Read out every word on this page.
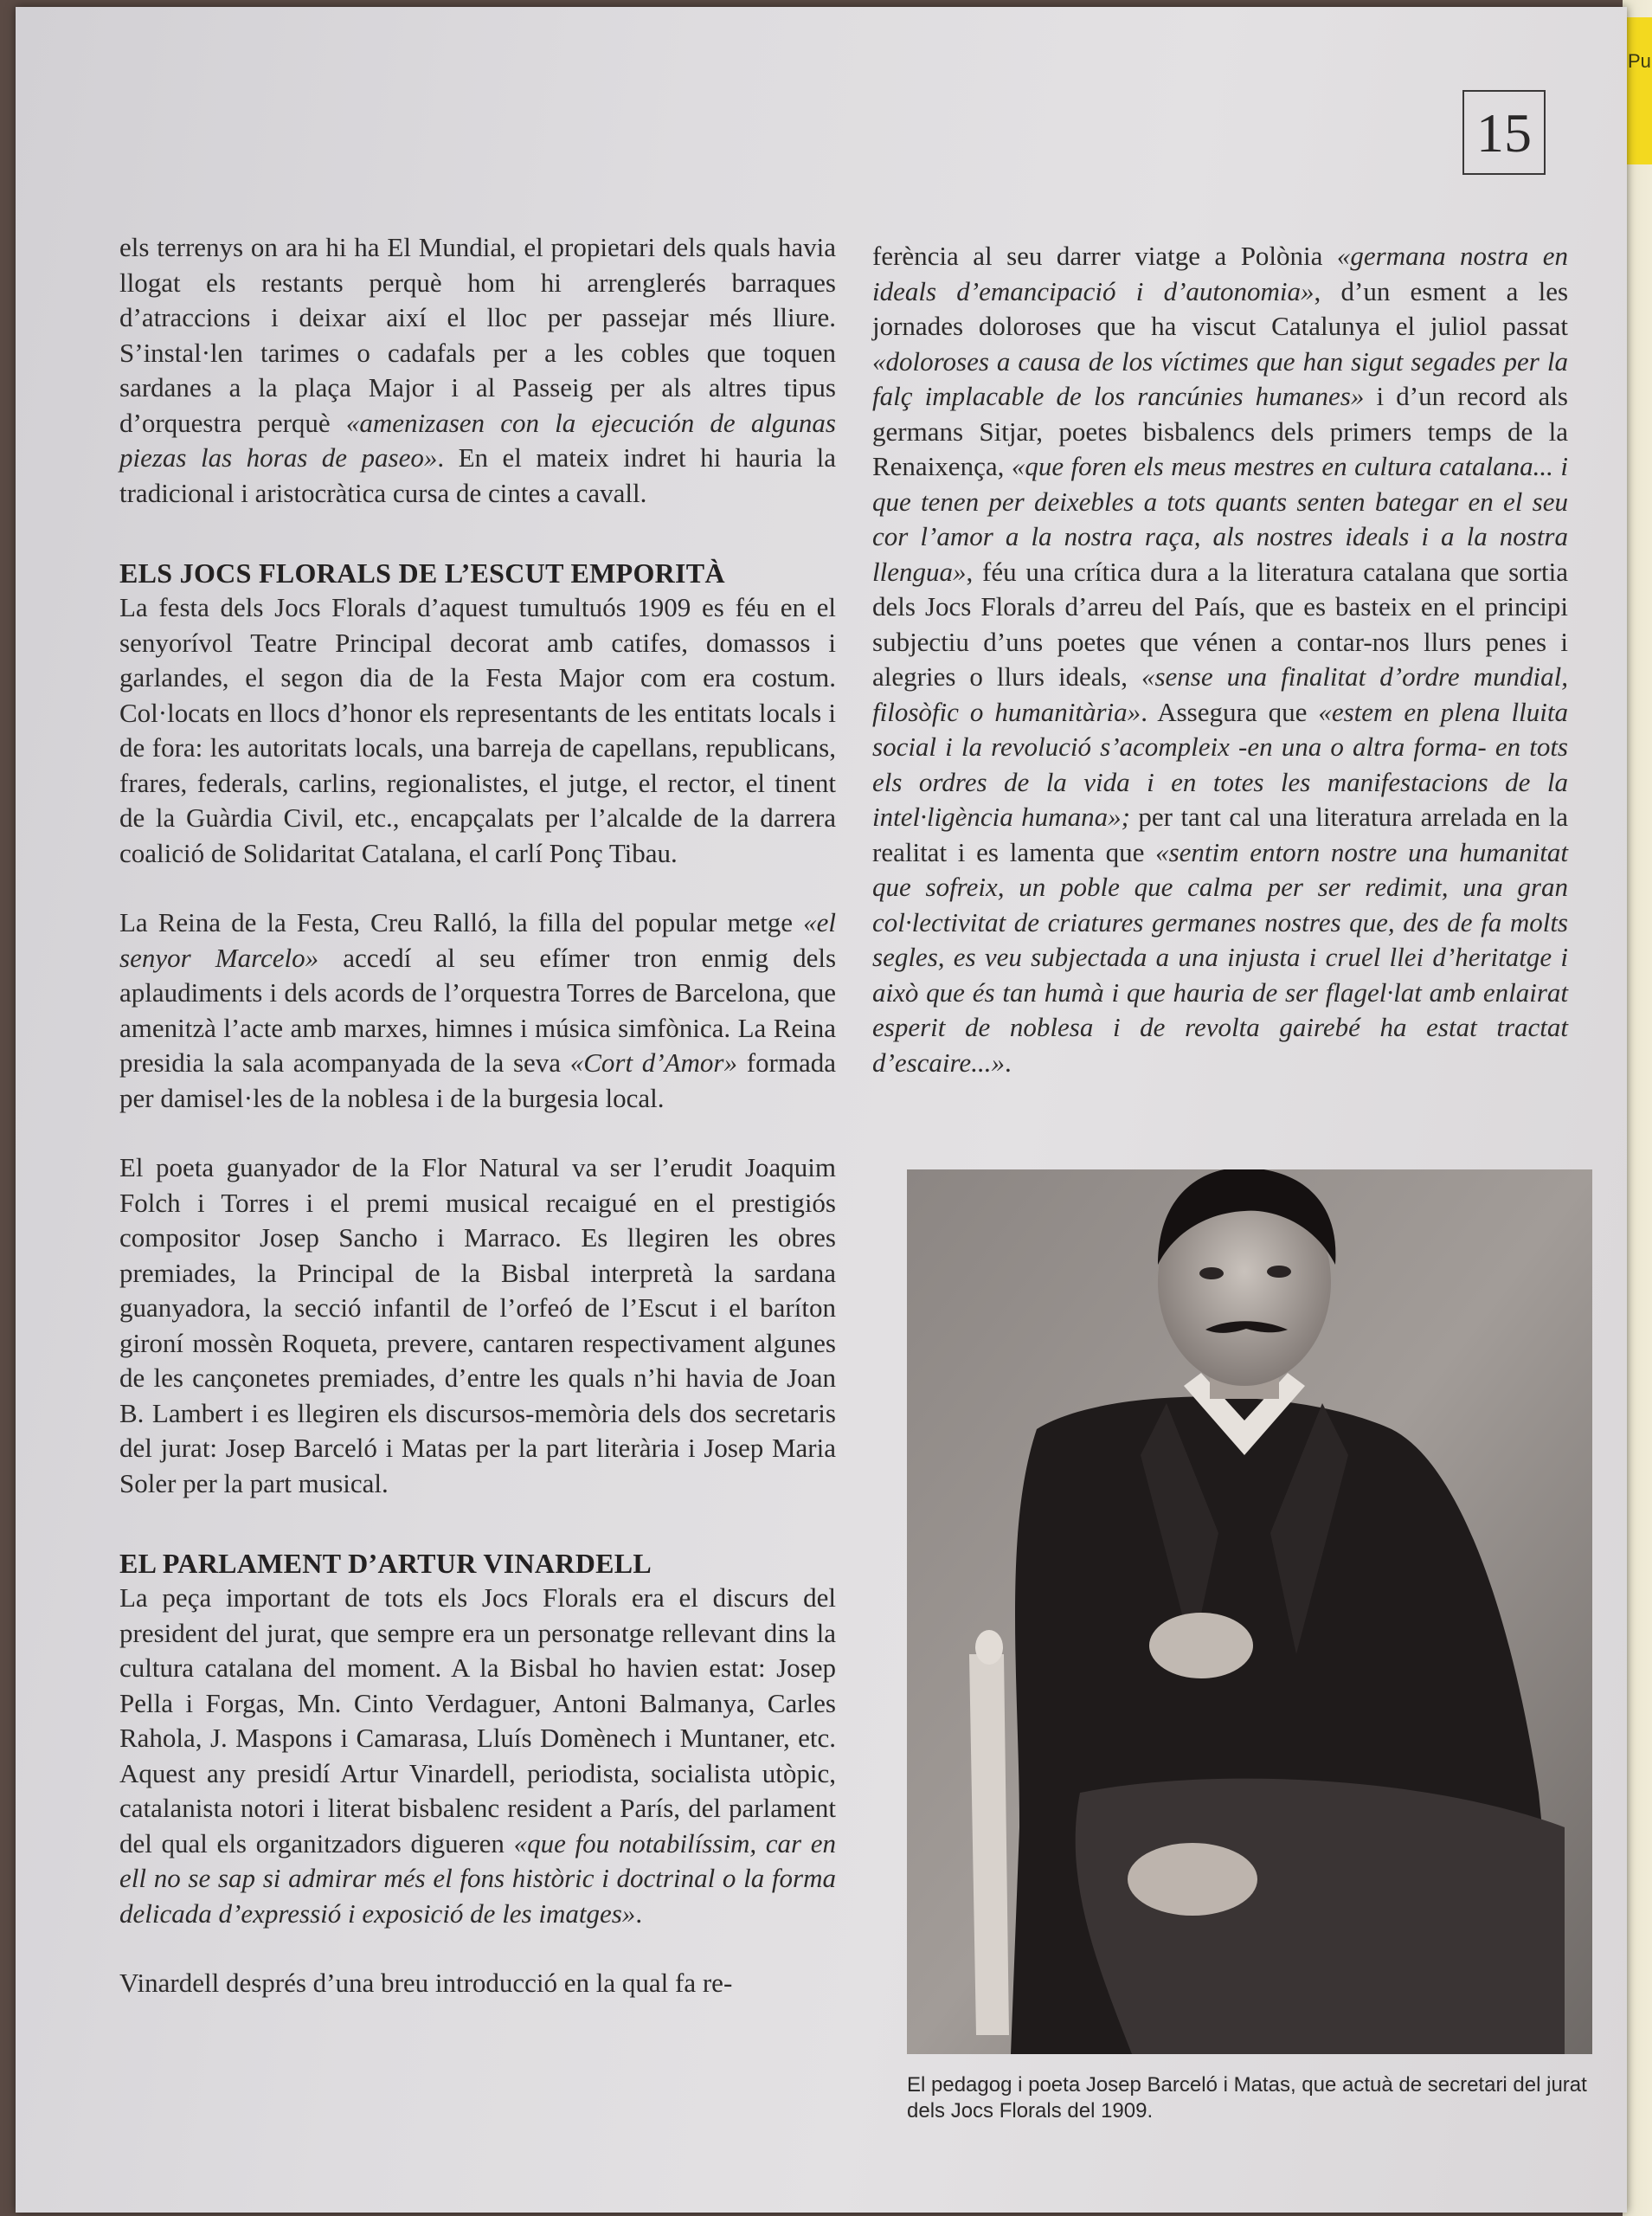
Pu
15

els terrenys on ara hi ha El Mundial, el propietari dels quals havia llogat els restants perquè hom hi arrenglerés barraques d’atraccions i deixar així el lloc per passejar més lliure. S’instal·len tarimes o cadafals per a les cobles que toquen sardanes a la plaça Major i al Passeig per als altres tipus d’orquestra perquè «amenizasen con la ejecución de algunas piezas las horas de paseo». En el mateix indret hi hauria la tradicional i aristocràtica cursa de cintes a cavall.

ELS JOCS FLORALS DE L’ESCUT EMPORITÀ

La festa dels Jocs Florals d’aquest tumultuós 1909 es féu en el senyorívol Teatre Principal decorat amb catifes, domassos i garlandes, el segon dia de la Festa Major com era costum. Col·locats en llocs d’honor els representants de les entitats locals i de fora: les autoritats locals, una barreja de capellans, republicans, frares, federals, carlins, regionalistes, el jutge, el rector, el tinent de la Guàrdia Civil, etc., encapçalats per l’alcalde de la darrera coalició de Solidaritat Catalana, el carlí Ponç Tibau.

La Reina de la Festa, Creu Ralló, la filla del popular metge «el senyor Marcelo» accedí al seu efímer tron enmig dels aplaudiments i dels acords de l’orquestra Torres de Barcelona, que amenitzà l’acte amb marxes, himnes i música simfònica. La Reina presidia la sala acompanyada de la seva «Cort d’Amor» formada per damisel·les de la noblesa i de la burgesia local.

El poeta guanyador de la Flor Natural va ser l’erudit Joaquim Folch i Torres i el premi musical recaigué en el prestigiós compositor Josep Sancho i Marraco. Es llegiren les obres premiades, la Principal de la Bisbal interpretà la sardana guanyadora, la secció infantil de l’orfeó de l’Escut i el baríton gironí mossèn Roqueta, prevere, cantaren respectivament algunes de les cançonetes premiades, d’entre les quals n’hi havia de Joan B. Lambert i es llegiren els discursos-memòria dels dos secretaris del jurat: Josep Barceló i Matas per la part literària i Josep Maria Soler per la part musical.

EL PARLAMENT D’ARTUR VINARDELL

La peça important de tots els Jocs Florals era el discurs del president del jurat, que sempre era un personatge rellevant dins la cultura catalana del moment. A la Bisbal ho havien estat: Josep Pella i Forgas, Mn. Cinto Verdaguer, Antoni Balmanya, Carles Rahola, J. Maspons i Camarasa, Lluís Domènech i Muntaner, etc. Aquest any presidí Artur Vinardell, periodista, socialista utòpic, catalanista notori i literat bisbalenc resident a París, del parlament del qual els organitzadors digueren «que fou notabilíssim, car en ell no se sap si admirar més el fons històric i doctrinal o la forma delicada d’expressió i exposició de les imatges».

Vinardell després d’una breu introducció en la qual fa re-

ferència al seu darrer viatge a Polònia «germana nostra en ideals d’emancipació i d’autonomia», d’un esment a les jornades doloroses que ha viscut Catalunya el juliol passat «doloroses a causa de los víctimes que han sigut segades per la falç implacable de los rancúnies humanes» i d’un record als germans Sitjar, poetes bisbalencs dels primers temps de la Renaixença, «que foren els meus mestres en cultura catalana... i que tenen per deixebles a tots quants senten bategar en el seu cor l’amor a la nostra raça, als nostres ideals i a la nostra llengua», féu una crítica dura a la literatura catalana que sortia dels Jocs Florals d’arreu del País, que es basteix en el principi subjectiu d’uns poetes que vénen a contar-nos llurs penes i alegries o llurs ideals, «sense una finalitat d’ordre mundial, filosòfic o humanitària». Assegura que «estem en plena lluita social i la revolució s’acompleix -en una o altra forma- en tots els ordres de la vida i en totes les manifestacions de la intel·ligència humana»; per tant cal una literatura arrelada en la realitat i es lamenta que «sentim entorn nostre una humanitat que sofreix, un poble que calma per ser redimit, una gran col·lectivitat de criatures germanes nostres que, des de fa molts segles, es veu subjectada a una injusta i cruel llei d’heritatge i això que és tan humà i que hauria de ser flagel·lat amb enlairat esperit de noblesa i de revolta gairebé ha estat tractat d’escaire...».

El pedagog i poeta Josep Barceló i Matas, que actuà de secretari del jurat dels Jocs Florals del 1909.
